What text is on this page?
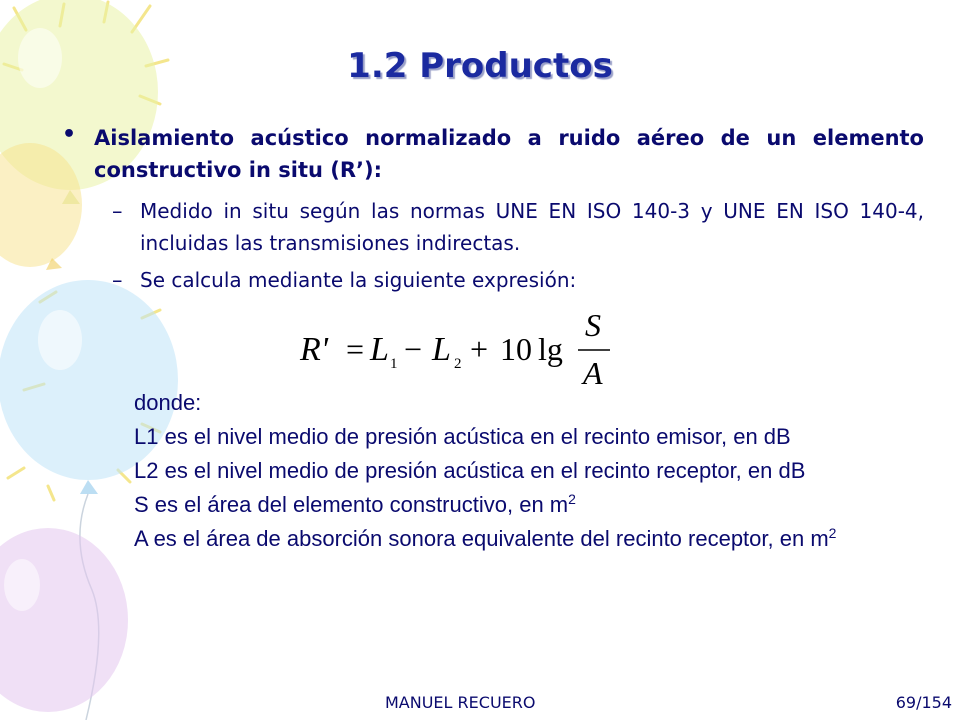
1.2 Productos
• Aislamiento acústico normalizado a ruido aéreo de un elemento constructivo in situ (R’):
– Medido in situ según las normas UNE EN ISO 140-3 y UNE EN ISO 140-4, incluidas las transmisiones indirectas.
– Se calcula mediante la siguiente expresión:
R' = L 1 − L 2 + 10 lg
S
A

donde:

L1 es el nivel medio de presión acústica en el recinto emisor, en dB

L2 es el nivel medio de presión acústica en el recinto receptor, en dB

S es el área del elemento constructivo, en $m^2$

A es el área de absorción sonora equivalente del recinto receptor, en $m^2$

MANUEL RECUERO	69/154
